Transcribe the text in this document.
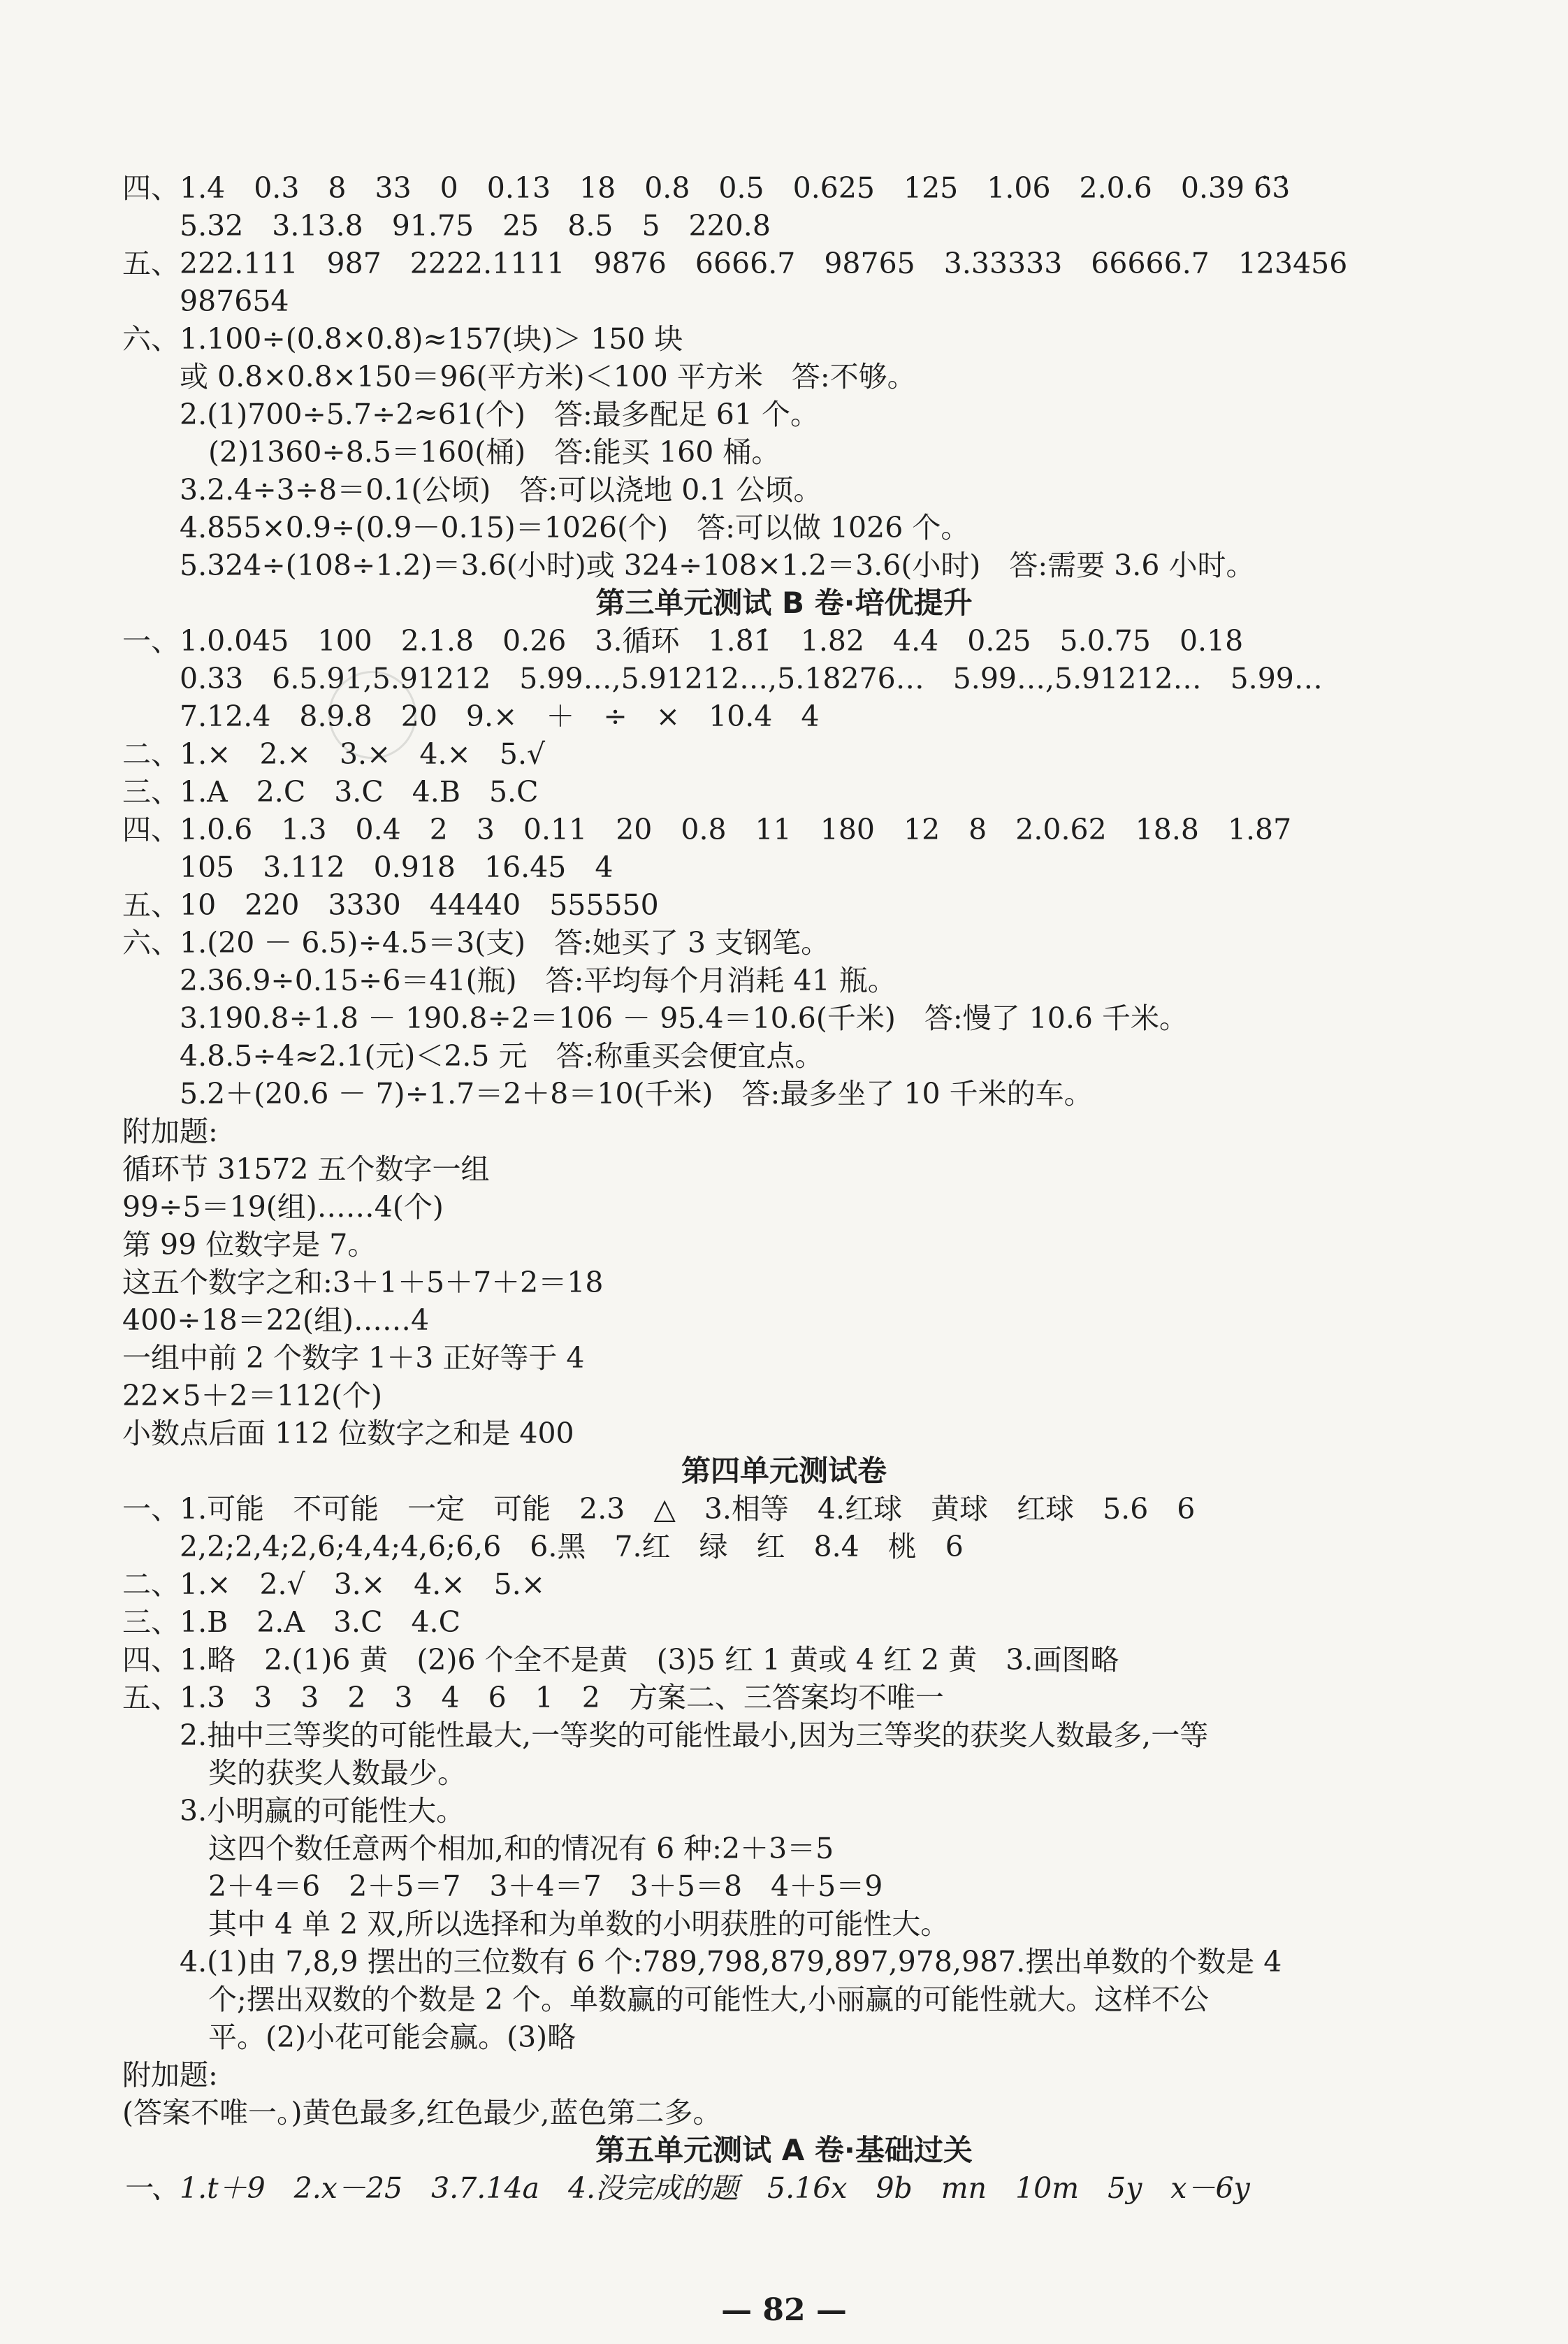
四、1.4　0.3　8　33　0　0.13　18　0.8　0.5　0.625　125　1.06　2.0.6　0.39 6̇3̇
　　5.32　3.13.8　91.75　25　8.5　5　220.8
五、222.111　987　2222.1111　9876　6666.7　98765　3.33333　66666.7　123456
　　987654
六、1.100÷(0.8×0.8)≈157(块)＞ 150 块
　　或 0.8×0.8×150＝96(平方米)＜100 平方米　答:不够。
　　2.(1)700÷5.7÷2≈61(个)　答:最多配足 61 个。
　　　(2)1360÷8.5＝160(桶)　答:能买 160 桶。
　　3.2.4÷3÷8＝0.1(公顷)　答:可以浇地 0.1 公顷。
　　4.855×0.9÷(0.9－0.15)＝1026(个)　答:可以做 1026 个。
　　5.324÷(108÷1.2)＝3.6(小时)或 324÷108×1.2＝3.6(小时)　答:需要 3.6 小时。
第三单元测试 B 卷·培优提升
一、1.0.045　100　2.1.8　0.26　3.循环　1.8̇1̇　1.82　4.4　0.25　5.0.75　0.18
　　0.33　6.5.91,5.91212　5.99…,5.91212…,5.18276…　5.99…,5.91212…　5.99…
　　7.12.4　8.9.8　20　9.×　＋　÷　×　10.4　4
二、1.×　2.×　3.×　4.×　5.√
三、1.A　2.C　3.C　4.B　5.C
四、1.0.6　1.3　0.4　2　3　0.11　20　0.8　11　180　12　8　2.0.62　18.8　1.87
　　105　3.112　0.918　16.45　4
五、10　220　3330　44440　555550
六、1.(20 － 6.5)÷4.5＝3(支)　答:她买了 3 支钢笔。
　　2.36.9÷0.15÷6＝41(瓶)　答:平均每个月消耗 41 瓶。
　　3.190.8÷1.8 － 190.8÷2＝106 － 95.4＝10.6(千米)　答:慢了 10.6 千米。
　　4.8.5÷4≈2.1(元)＜2.5 元　答:称重买会便宜点。
　　5.2＋(20.6 － 7)÷1.7＝2＋8＝10(千米)　答:最多坐了 10 千米的车。
附加题:
循环节 31572 五个数字一组
99÷5＝19(组)……4(个)
第 99 位数字是 7。
这五个数字之和:3＋1＋5＋7＋2＝18
400÷18＝22(组)……4
一组中前 2 个数字 1＋3 正好等于 4
22×5＋2＝112(个)
小数点后面 112 位数字之和是 400
第四单元测试卷
一、1.可能　不可能　一定　可能　2.3　△　3.相等　4.红球　黄球　红球　5.6　6
　　2,2;2,4;2,6;4,4;4,6;6,6　6.黑　7.红　绿　红　8.4　桃　6
二、1.×　2.√　3.×　4.×　5.×
三、1.B　2.A　3.C　4.C
四、1.略　2.(1)6 黄　(2)6 个全不是黄　(3)5 红 1 黄或 4 红 2 黄　3.画图略
五、1.3　3　3　2　3　4　6　1　2　方案二、三答案均不唯一
　　2.抽中三等奖的可能性最大,一等奖的可能性最小,因为三等奖的获奖人数最多,一等
　　　奖的获奖人数最少。
　　3.小明赢的可能性大。
　　　这四个数任意两个相加,和的情况有 6 种:2＋3＝5
　　　2＋4＝6　2＋5＝7　3＋4＝7　3＋5＝8　4＋5＝9
　　　其中 4 单 2 双,所以选择和为单数的小明获胜的可能性大。
　　4.(1)由 7,8,9 摆出的三位数有 6 个:789,798,879,897,978,987.摆出单数的个数是 4
　　　个;摆出双数的个数是 2 个。单数赢的可能性大,小丽赢的可能性就大。这样不公
　　　平。(2)小花可能会赢。(3)略
附加题:
(答案不唯一。)黄色最多,红色最少,蓝色第二多。
第五单元测试 A 卷·基础过关
一、1.t＋9　2.x－25　3.7.14a　4.没完成的题　5.16x　9b　mn　10m　5y　x－6y
— 82 —
